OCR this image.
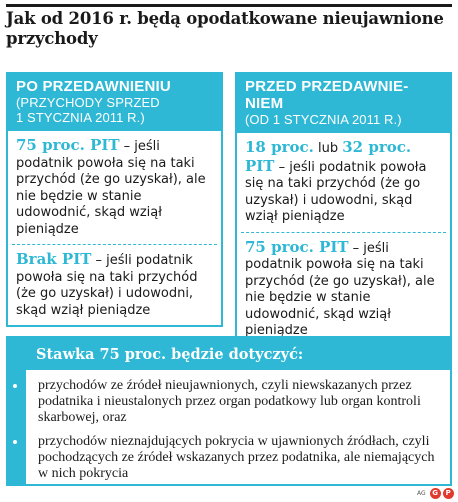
Jak od 2016 r. będą opodatkowane nieujawnione przychody
PO PRZEDAWNIENIU
(PRZYCHODY SPRZED
1 STYCZNIA 2011 R.)
75 proc. PIT – jeśli podatnik powoła się na taki przychód (że go uzyskał), ale nie będzie w stanie udowodnić, skąd wziął pieniądze
Brak PIT – jeśli podatnik powoła się na taki przychód (że go uzyskał) i udowodni, skąd wziął pieniądze
PRZED PRZEDAWNIE-
NIEM
(OD 1 STYCZNIA 2011 R.)
18 proc. lub 32 proc. PIT – jeśli podatnik powoła się na taki przychód (że go uzyskał) i udowodni, skąd wziął pieniądze
75 proc. PIT – jeśli podatnik powoła się na taki przychód (że go uzyskał), ale nie będzie w stanie udowodnić, skąd wziął pieniądze
Stawka 75 proc. będzie dotyczyć:
przychodów ze źródeł nieujawnionych, czyli niewskazanych przez podatnika i nieustalonych przez organ podatkowy lub organ kontroli skarbowej, oraz
przychodów nieznajdujących pokrycia w ujawnionych źródłach, czyli pochodzących ze źródeł wskazanych przez podatnika, ale niemających w nich pokrycia
AG G	P
